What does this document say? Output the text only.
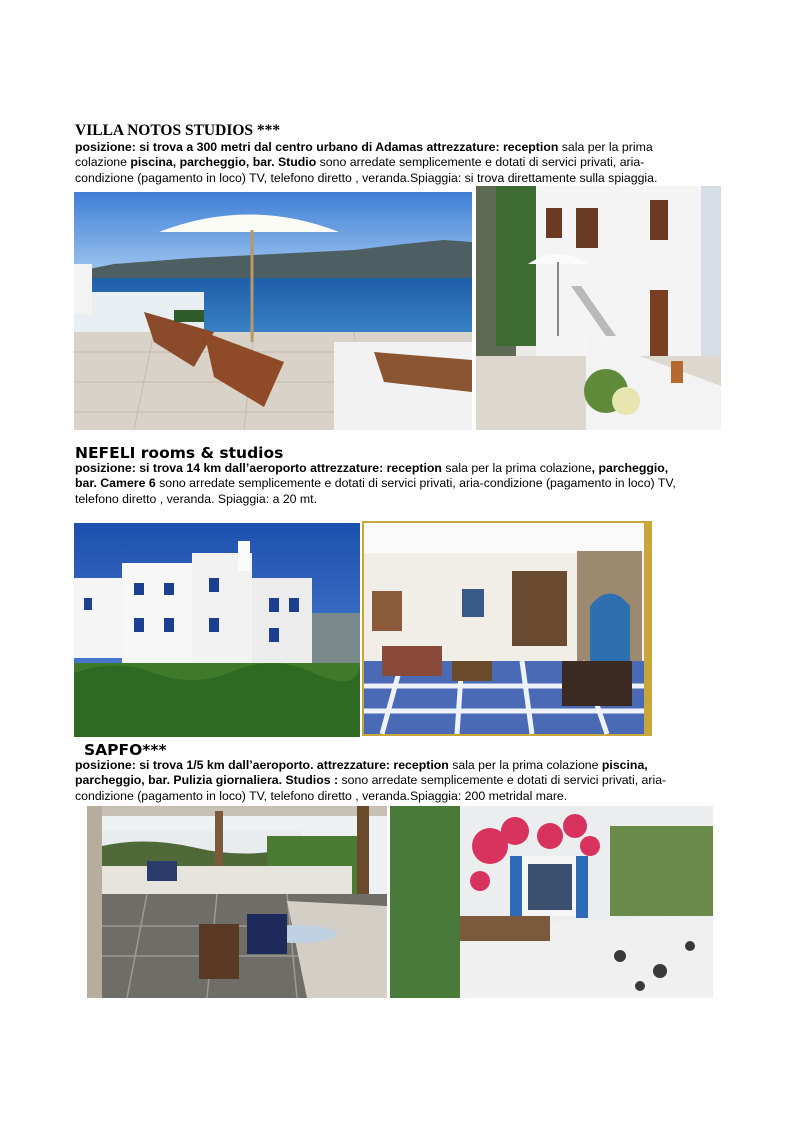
VILLA NOTOS STUDIOS ***
posizione: si trova a 300 metri dal centro urbano di Adamas attrezzature: reception sala per la prima
colazione piscina, parcheggio, bar. Studio sono arredate semplicemente e dotati di servici privati, aria-
condizione (pagamento in loco) TV, telefono diretto , veranda.Spiaggia: si trova direttamente sulla spiaggia.
NEFELI rooms & studios
posizione: si trova 14 km dall’aeroporto attrezzature: reception sala per la prima colazione, parcheggio,
bar. Camere 6 sono arredate semplicemente e dotati di servici privati, aria-condizione (pagamento in loco) TV,
telefono diretto , veranda. Spiaggia: a 20 mt.
SAPFO***
posizione: si trova 1/5 km dall’aeroporto. attrezzature: reception sala per la prima colazione piscina,
parcheggio, bar. Pulizia giornaliera. Studios : sono arredate semplicemente e dotati di servici privati, aria-
condizione (pagamento in loco) TV, telefono diretto , veranda.Spiaggia: 200 metridal mare.
